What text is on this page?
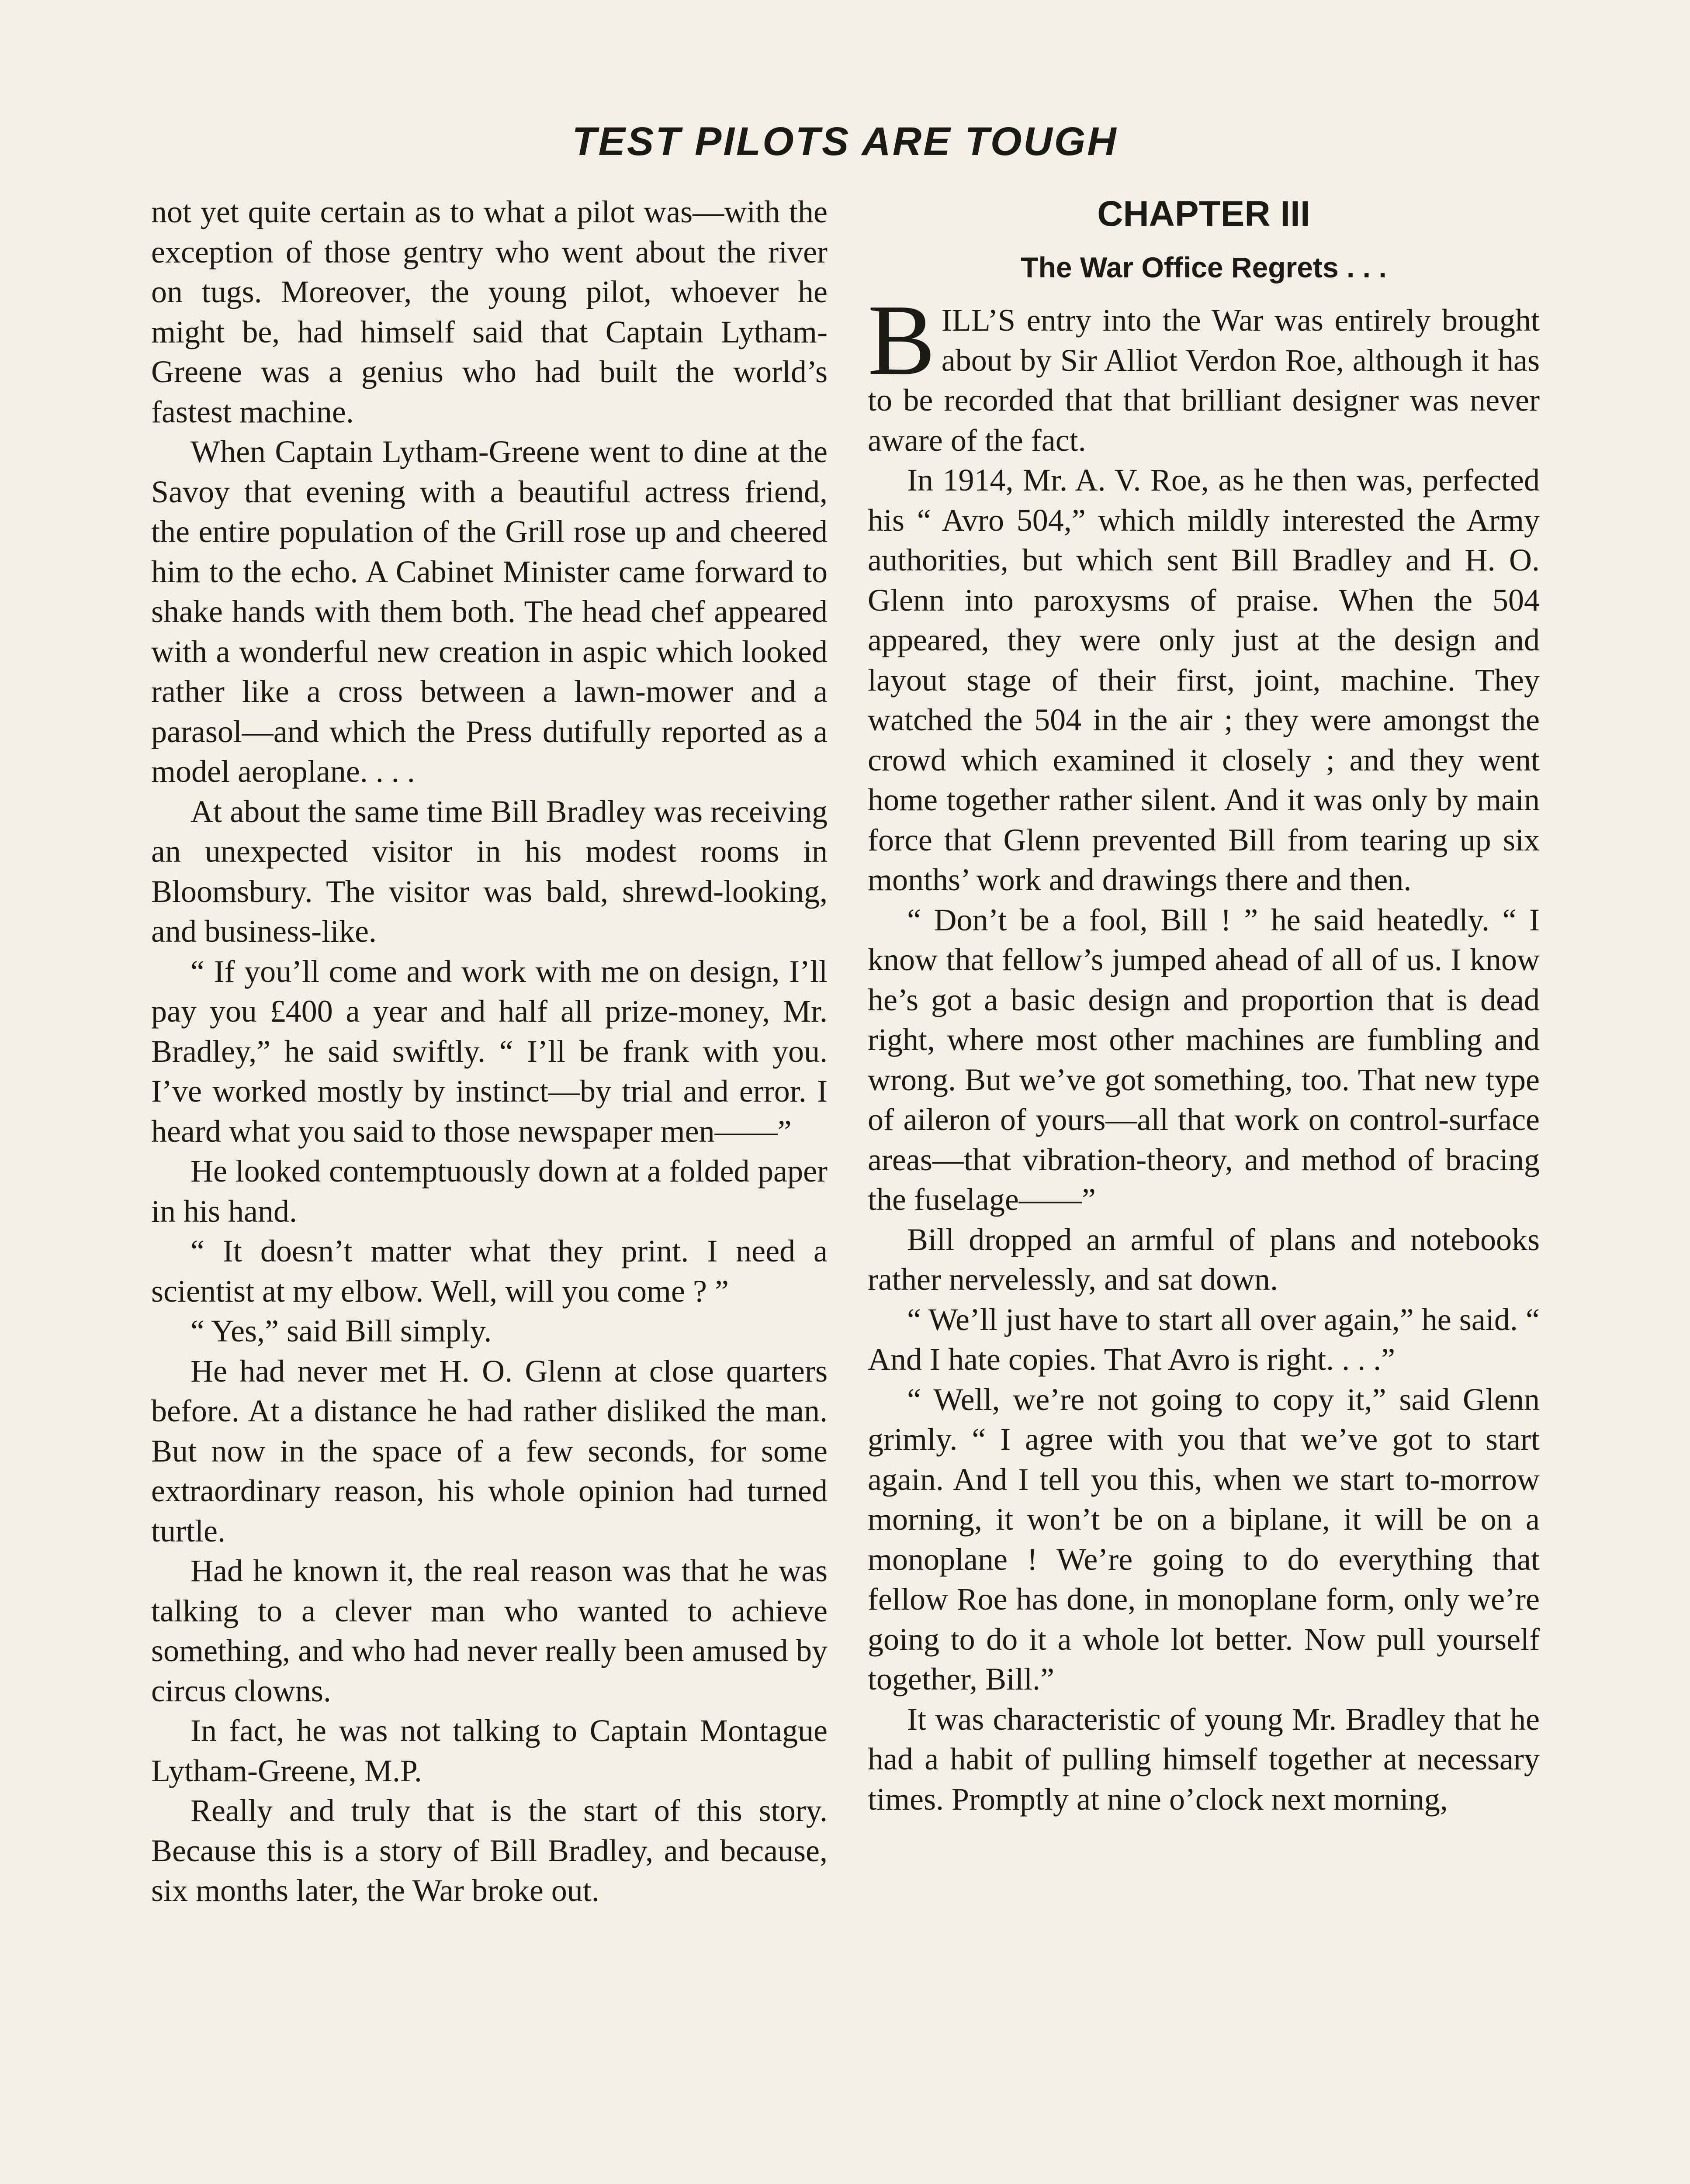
TEST PILOTS ARE TOUGH

not yet quite certain as to what a pilot was—with the exception of those gentry who went about the river on tugs. Moreover, the young pilot, whoever he might be, had himself said that Captain Lytham-Greene was a genius who had built the world’s fastest machine.

When Captain Lytham-Greene went to dine at the Savoy that evening with a beautiful actress friend, the entire population of the Grill rose up and cheered him to the echo. A Cabinet Minister came forward to shake hands with them both. The head chef appeared with a wonderful new creation in aspic which looked rather like a cross between a lawn-mower and a parasol—and which the Press dutifully reported as a model aeroplane. . . .

At about the same time Bill Bradley was receiving an unexpected visitor in his modest rooms in Bloomsbury. The visitor was bald, shrewd-looking, and business-like.

“ If you’ll come and work with me on design, I’ll pay you £400 a year and half all prize-money, Mr. Bradley,” he said swiftly. “ I’ll be frank with you. I’ve worked mostly by instinct—by trial and error. I heard what you said to those newspaper men——”

He looked contemptuously down at a folded paper in his hand.

“ It doesn’t matter what they print. I need a scientist at my elbow. Well, will you come ? ”

“ Yes,” said Bill simply.

He had never met H. O. Glenn at close quarters before. At a distance he had rather disliked the man. But now in the space of a few seconds, for some extraordinary reason, his whole opinion had turned turtle.

Had he known it, the real reason was that he was talking to a clever man who wanted to achieve something, and who had never really been amused by circus clowns.

In fact, he was not talking to Captain Montague Lytham-Greene, M.P.

Really and truly that is the start of this story. Because this is a story of Bill Bradley, and because, six months later, the War broke out.

CHAPTER III
The War Office Regrets . . .

BILL’S entry into the War was entirely brought about by Sir Alliot Verdon Roe, although it has to be recorded that that brilliant designer was never aware of the fact.

In 1914, Mr. A. V. Roe, as he then was, perfected his “ Avro 504,” which mildly interested the Army authorities, but which sent Bill Bradley and H. O. Glenn into paroxysms of praise. When the 504 appeared, they were only just at the design and layout stage of their first, joint, machine. They watched the 504 in the air ; they were amongst the crowd which examined it closely ; and they went home together rather silent. And it was only by main force that Glenn prevented Bill from tearing up six months’ work and drawings there and then.

“ Don’t be a fool, Bill ! ” he said heatedly. “ I know that fellow’s jumped ahead of all of us. I know he’s got a basic design and proportion that is dead right, where most other machines are fumbling and wrong. But we’ve got something, too. That new type of aileron of yours—all that work on control-surface areas—that vibration-theory, and method of bracing the fuselage——”

Bill dropped an armful of plans and notebooks rather nervelessly, and sat down.

“ We’ll just have to start all over again,” he said. “ And I hate copies. That Avro is right. . . .”

“ Well, we’re not going to copy it,” said Glenn grimly. “ I agree with you that we’ve got to start again. And I tell you this, when we start to-morrow morning, it won’t be on a biplane, it will be on a monoplane ! We’re going to do everything that fellow Roe has done, in monoplane form, only we’re going to do it a whole lot better. Now pull yourself together, Bill.”

It was characteristic of young Mr. Bradley that he had a habit of pulling himself together at necessary times. Promptly at nine o’clock next morning,
